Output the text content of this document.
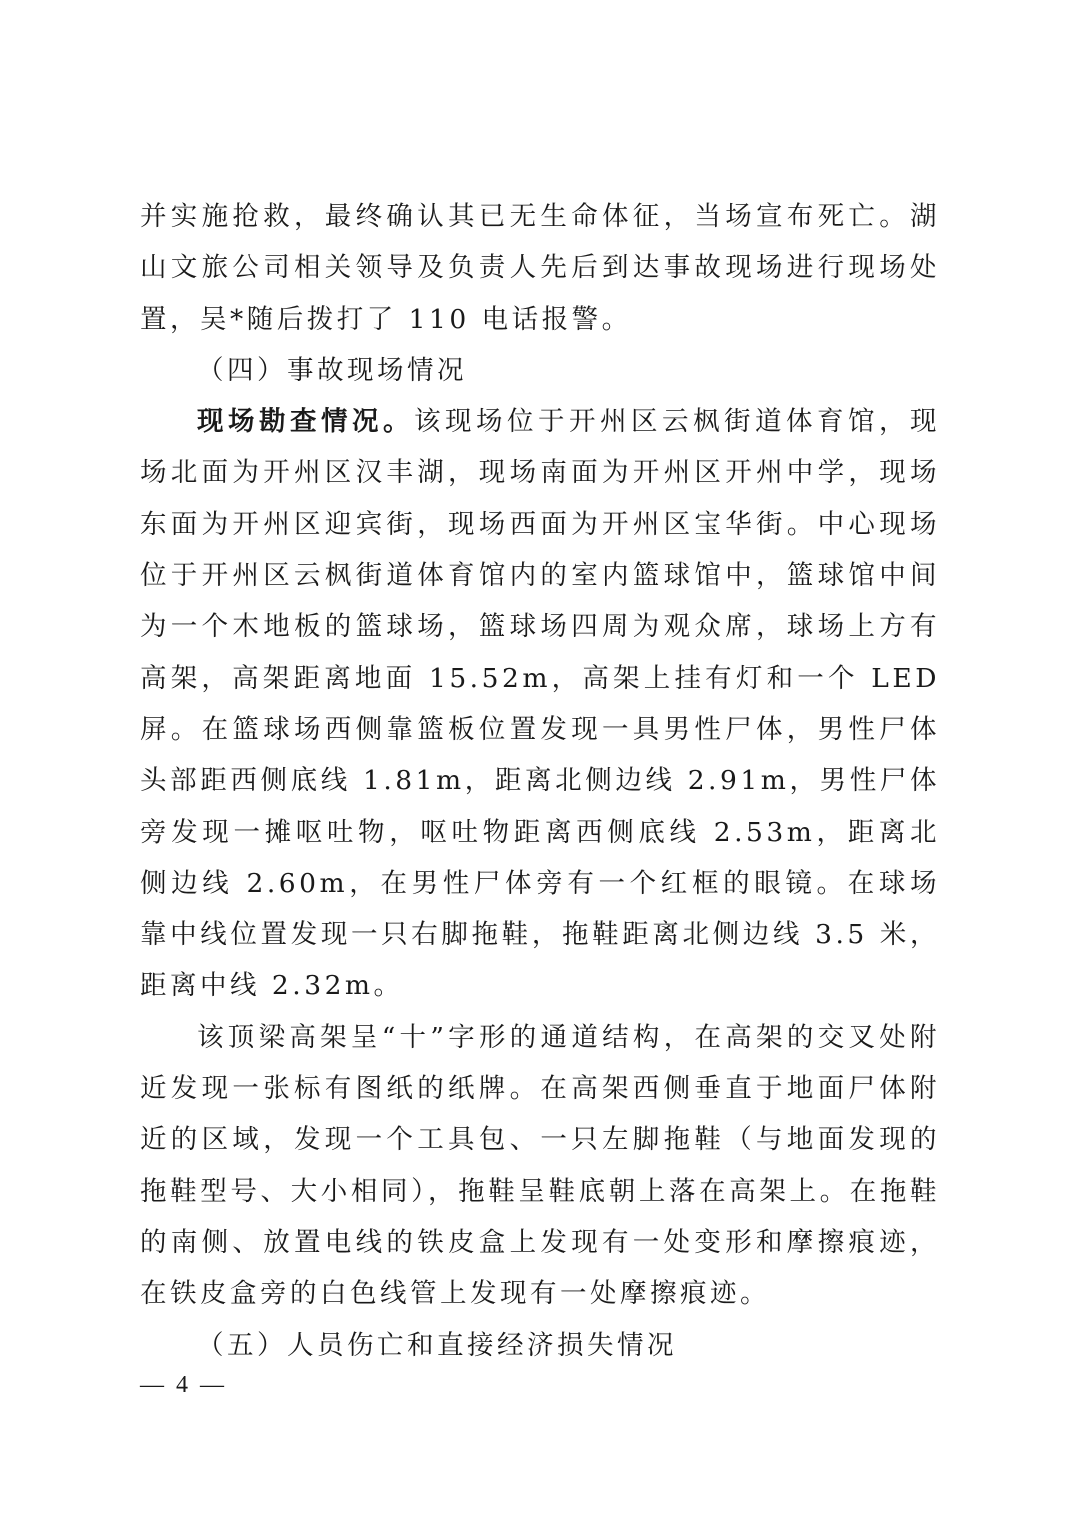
并实施抢救，最终确认其已无生命体征，当场宣布死亡。湖山文旅公司相关领导及负责人先后到达事故现场进行现场处置，吴*随后拨打了 110 电话报警。

（四）事故现场情况

现场勘查情况。该现场位于开州区云枫街道体育馆，现场北面为开州区汉丰湖，现场南面为开州区开州中学，现场东面为开州区迎宾街，现场西面为开州区宝华街。中心现场位于开州区云枫街道体育馆内的室内篮球馆中，篮球馆中间为一个木地板的篮球场，篮球场四周为观众席，球场上方有高架，高架距离地面 15.52m，高架上挂有灯和一个 LED 屏。在篮球场西侧靠篮板位置发现一具男性尸体，男性尸体头部距西侧底线 1.81m，距离北侧边线 2.91m，男性尸体旁发现一摊呕吐物，呕吐物距离西侧底线 2.53m，距离北侧边线 2.60m，在男性尸体旁有一个红框的眼镜。在球场靠中线位置发现一只右脚拖鞋，拖鞋距离北侧边线 3.5 米，距离中线 2.32m。

该顶梁高架呈“十”字形的通道结构，在高架的交叉处附近发现一张标有图纸的纸牌。在高架西侧垂直于地面尸体附近的区域，发现一个工具包、一只左脚拖鞋（与地面发现的拖鞋型号、大小相同），拖鞋呈鞋底朝上落在高架上。在拖鞋的南侧、放置电线的铁皮盒上发现有一处变形和摩擦痕迹，在铁皮盒旁的白色线管上发现有一处摩擦痕迹。

（五）人员伤亡和直接经济损失情况

— 4 —
